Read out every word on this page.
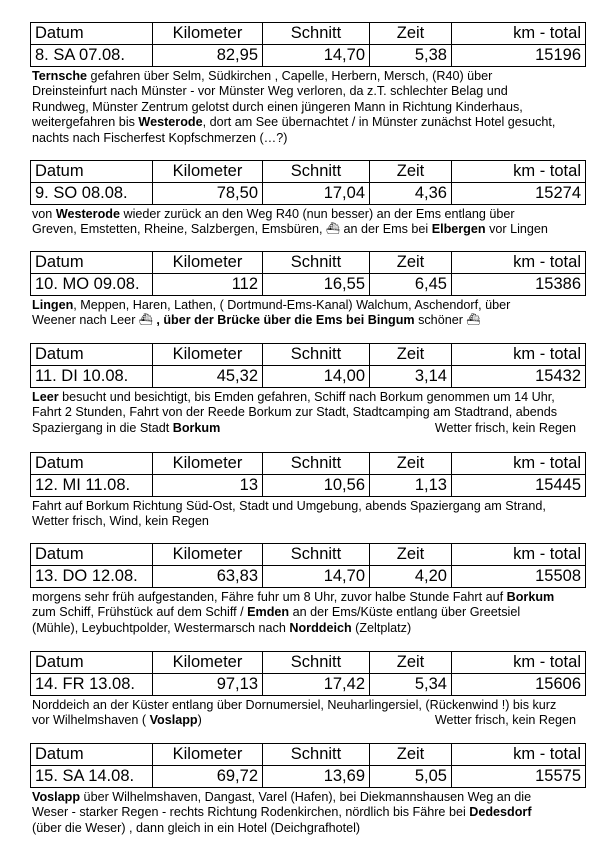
Datum	Kilometer	Schnitt	Zeit	km - total
8. SA 07.08.	82,95	14,70	5,38	15196
Ternsche gefahren über Selm, Südkirchen , Capelle, Herbern, Mersch, (R40) über
Dreinsteinfurt nach Münster - vor Münster Weg verloren, da z.T. schlechter Belag und
Rundweg, Münster Zentrum gelotst durch einen jüngeren Mann in Richtung Kinderhaus,
weitergefahren bis Westerode, dort am See übernachtet / in Münster zunächst Hotel gesucht,
nachts nach Fischerfest Kopfschmerzen (…?)
Datum	Kilometer	Schnitt	Zeit	km - total
9. SO 08.08.	78,50	17,04	4,36	15274
von Westerode wieder zurück an den Weg R40 (nun besser) an der Ems entlang über
Greven, Emstetten, Rheine, Salzbergen, Emsbüren, ⛴ an der Ems bei Elbergen vor Lingen
Datum	Kilometer	Schnitt	Zeit	km - total
10. MO 09.08.	112	16,55	6,45	15386
Lingen, Meppen, Haren, Lathen, ( Dortmund-Ems-Kanal) Walchum, Aschendorf, über
Weener nach Leer ⛴ , über der Brücke über die Ems bei Bingum schöner ⛴
Datum	Kilometer	Schnitt	Zeit	km - total
11. DI 10.08.	45,32	14,00	3,14	15432
Leer besucht und besichtigt, bis Emden gefahren, Schiff nach Borkum genommen um 14 Uhr,
Fahrt 2 Stunden, Fahrt von der Reede Borkum zur Stadt, Stadtcamping am Stadtrand, abends
Wetter frisch, kein Regen
Spaziergang in die Stadt Borkum
Datum	Kilometer	Schnitt	Zeit	km - total
12. MI 11.08.	13	10,56	1,13	15445
Fahrt auf Borkum Richtung Süd-Ost, Stadt und Umgebung, abends Spaziergang am Strand,
Wetter frisch, Wind, kein Regen
Datum	Kilometer	Schnitt	Zeit	km - total
13. DO 12.08.	63,83	14,70	4,20	15508
morgens sehr früh aufgestanden, Fähre fuhr um 8 Uhr, zuvor halbe Stunde Fahrt auf Borkum
zum Schiff, Frühstück auf dem Schiff / Emden an der Ems/Küste entlang über Greetsiel
(Mühle), Leybuchtpolder, Westermarsch nach Norddeich (Zeltplatz)
Datum	Kilometer	Schnitt	Zeit	km - total
14. FR 13.08.	97,13	17,42	5,34	15606
Norddeich an der Küster entlang über Dornumersiel, Neuharlingersiel, (Rückenwind !) bis kurz
Wetter frisch, kein Regen
vor Wilhelmshaven ( Voslapp)
Datum	Kilometer	Schnitt	Zeit	km - total
15. SA 14.08.	69,72	13,69	5,05	15575
Voslapp über Wilhelmshaven, Dangast, Varel (Hafen), bei Diekmannshausen Weg an die
Weser - starker Regen - rechts Richtung Rodenkirchen, nördlich bis Fähre bei Dedesdorf
(über die Weser) , dann gleich in ein Hotel (Deichgrafhotel)
